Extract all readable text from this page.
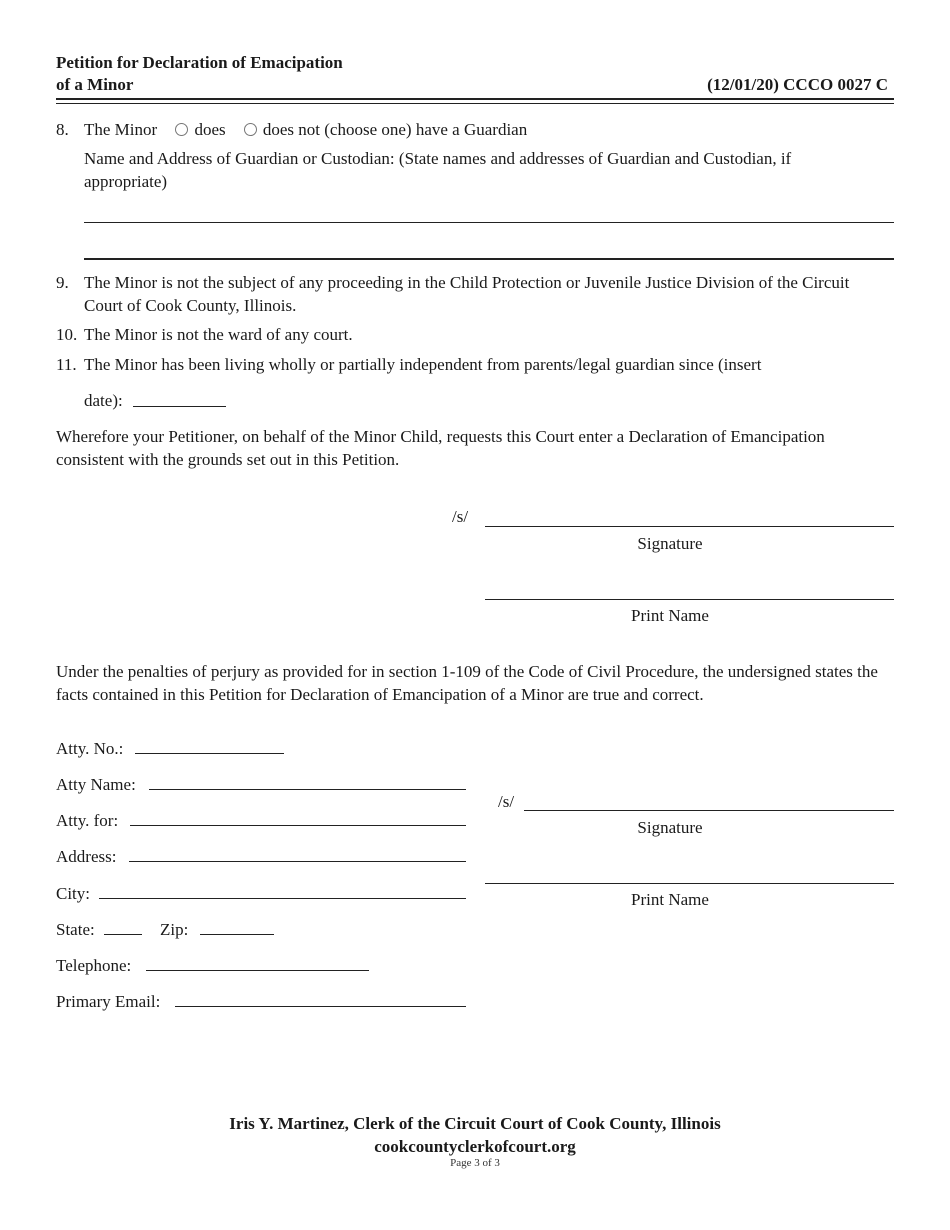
Petition for Declaration of Emacipation
of a Minor	(12/01/20) CCCO 0027 C
8. The Minor does does not (choose one) have a Guardian
Name and Address of Guardian or Custodian: (State names and addresses of Guardian and Custodian, if appropriate)
9. The Minor is not the subject of any proceeding in the Child Protection or Juvenile Justice Division of the Circuit Court of Cook County, Illinois.
10. The Minor is not the ward of any court.
11. The Minor has been living wholly or partially independent from parents/legal guardian since (insert
date):
Wherefore your Petitioner, on behalf of the Minor Child, requests this Court enter a Declaration of Emancipation consistent with the grounds set out in this Petition.
/s/
Signature
Print Name
Under the penalties of perjury as provided for in section 1-109 of the Code of Civil Procedure, the undersigned states the facts contained in this Petition for Declaration of Emancipation of a Minor are true and correct.
Atty. No.:
Atty Name:
Atty. for:
Address:
City:
State:	Zip:
Telephone:
Primary Email:
/s/
Signature
Print Name
Iris Y. Martinez, Clerk of the Circuit Court of Cook County, Illinois
cookcountyclerkofcourt.org
Page 3 of 3
